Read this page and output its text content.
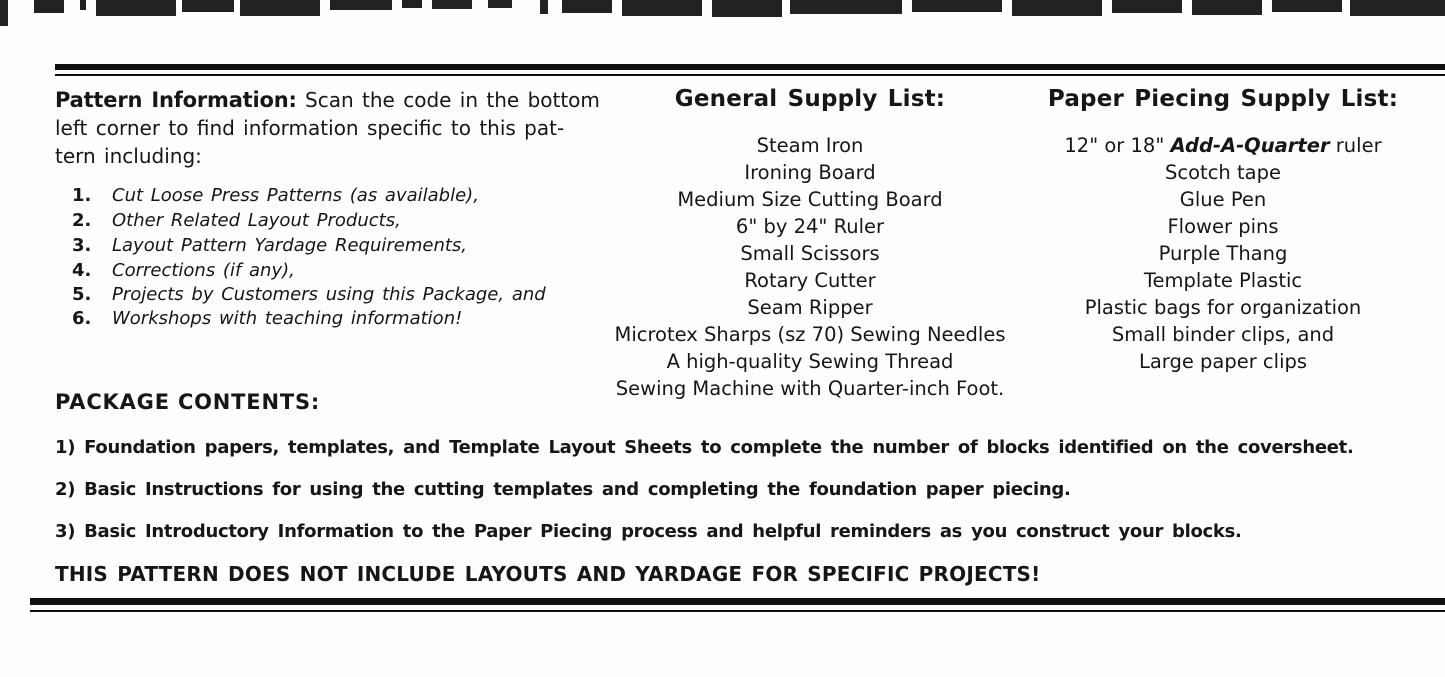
Pattern Information: Scan the code in the bottom
left corner to find information specific to this pat-
tern including:
1. Cut Loose Press Patterns (as available),
2. Other Related Layout Products,
3. Layout Pattern Yardage Requirements,
4. Corrections (if any),
5. Projects by Customers using this Package, and
6. Workshops with teaching information!
General Supply List:
Steam Iron
Ironing Board
Medium Size Cutting Board
6" by 24" Ruler
Small Scissors
Rotary Cutter
Seam Ripper
Microtex Sharps (sz 70) Sewing Needles
A high-quality Sewing Thread
Sewing Machine with Quarter-inch Foot.
Paper Piecing Supply List:
12" or 18" Add-A-Quarter ruler
Scotch tape
Glue Pen
Flower pins
Purple Thang
Template Plastic
Plastic bags for organization
Small binder clips, and
Large paper clips
PACKAGE CONTENTS:
1) Foundation papers, templates, and Template Layout Sheets to complete the number of blocks identified on the coversheet.
2) Basic Instructions for using the cutting templates and completing the foundation paper piecing.
3) Basic Introductory Information to the Paper Piecing process and helpful reminders as you construct your blocks.
THIS PATTERN DOES NOT INCLUDE LAYOUTS AND YARDAGE FOR SPECIFIC PROJECTS!
